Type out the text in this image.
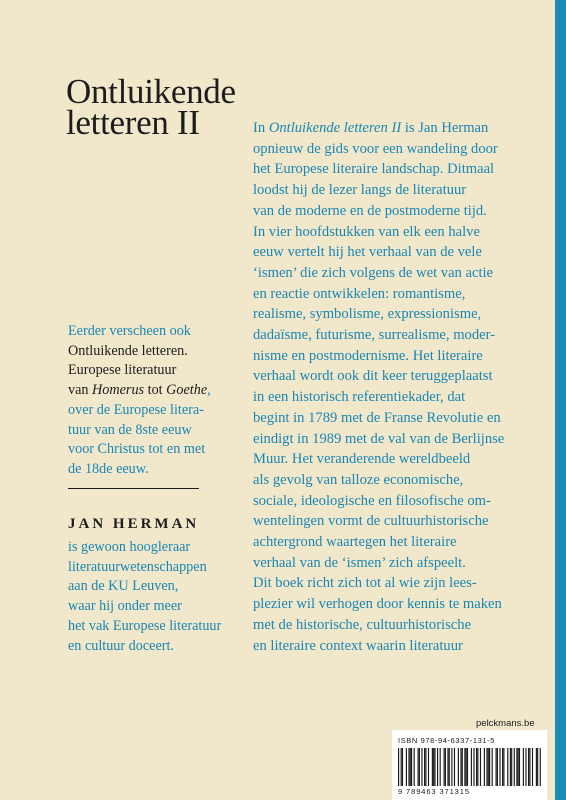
Ontluikende
letteren II	In Ontluikende letteren II is Jan Herman
opnieuw de gids voor een wandeling door
het Europese literaire landschap. Ditmaal
loodst hij de lezer langs de literatuur
van de moderne en de postmoderne tijd.
In vier hoofdstukken van elk een halve
eeuw vertelt hij het verhaal van de vele
‘ismen’ die zich volgens de wet van actie
en reactie ontwikkelen: romantisme,
realisme, symbolisme, expressionisme,
dadaïsme, futurisme, surrealisme, moder-
nisme en postmodernisme. Het literaire
verhaal wordt ook dit keer teruggeplaatst
in een historisch referentiekader, dat
begint in 1789 met de Franse Revolutie en
eindigt in 1989 met de val van de Berlijnse
Muur. Het veranderende wereldbeeld
als gevolg van talloze economische,
sociale, ideologische en filosofische om-
wentelingen vormt de cultuurhistorische
achtergrond waartegen het literaire
verhaal van de ‘ismen’ zich afspeelt.
Dit boek richt zich tot al wie zijn lees-
plezier wil verhogen door kennis te maken
met de historische, cultuurhistorische
en literaire context waarin literatuur

Eerder verscheen ook
Ontluikende letteren.
Europese literatuur
van Homerus tot Goethe,
over de Europese litera-
tuur van de 8ste eeuw
voor Christus tot en met
de 18de eeuw.

JAN HERMAN

is gewoon hoogleraar
literatuurwetenschappen
aan de KU Leuven,
waar hij onder meer
het vak Europese literatuur
en cultuur doceert.

pelckmans.be
ISBN 978-94-6337-131-5
9 789463 371315
